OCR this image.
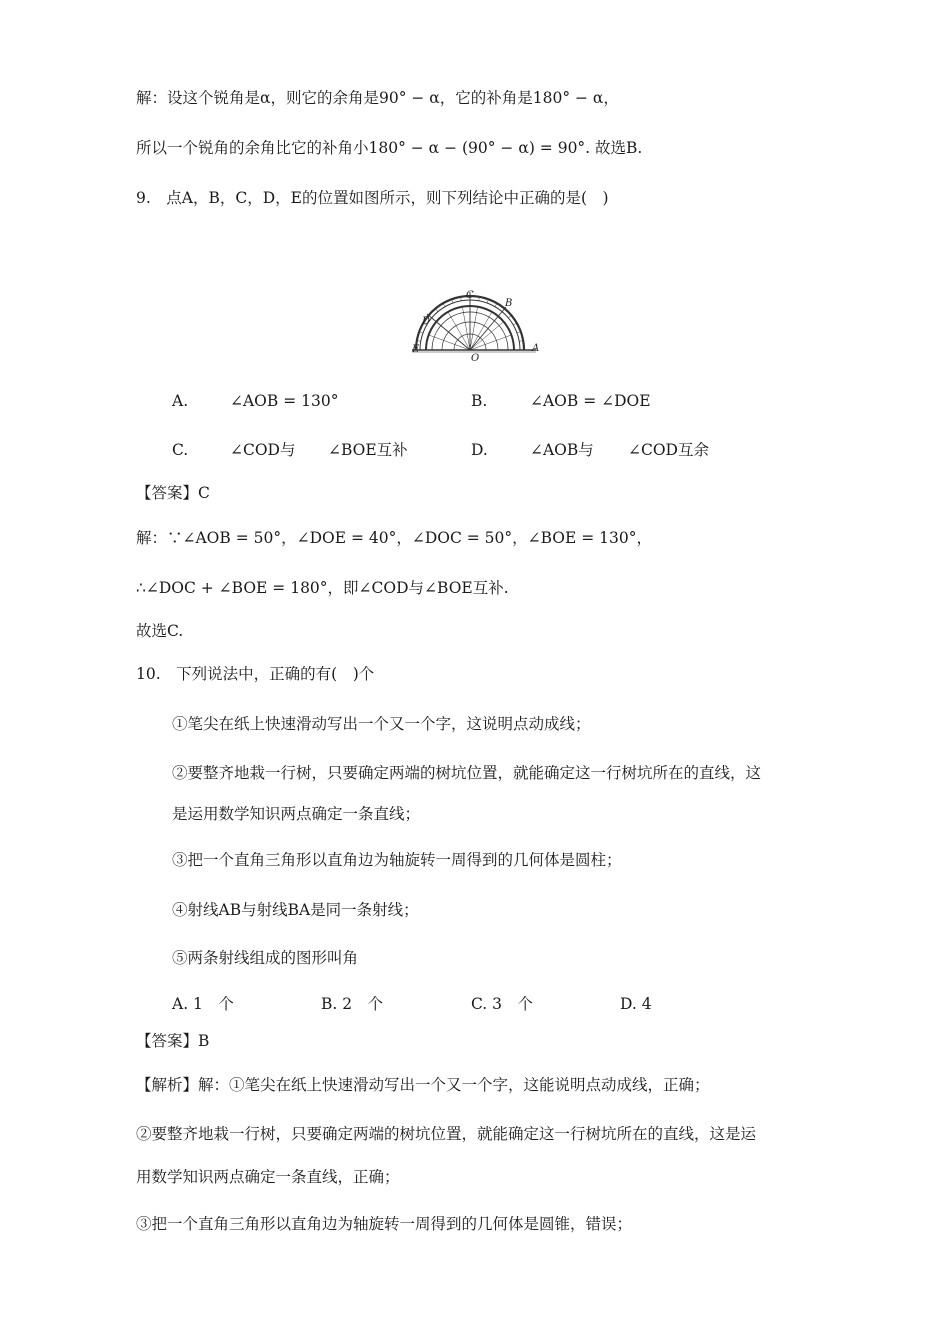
解：设这个锐角是α，则它的余角是90° − α，它的补角是180° − α，
所以一个锐角的余角比它的补角小180° − α − (90° − α) = 90°. 故选B.
9.　点A，B，C，D，E的位置如图所示，则下列结论中正确的是(　)
C
B
D
E	A
O
A.	∠AOB = 130°	B.	∠AOB = ∠DOE
C.	∠COD与 ∠BOE互补	D.	∠AOB与 ∠COD互余
【答案】C
解：∵∠AOB = 50°，∠DOE = 40°，∠DOC = 50°，∠BOE = 130°，
∴∠DOC + ∠BOE = 180°，即∠COD与∠BOE互补.
故选C.
10.　下列说法中，正确的有(　)个
①笔尖在纸上快速滑动写出一个又一个字，这说明点动成线；
②要整齐地栽一行树，只要确定两端的树坑位置，就能确定这一行树坑所在的直线，这
是运用数学知识两点确定一条直线；
③把一个直角三角形以直角边为轴旋转一周得到的几何体是圆柱；
④射线AB与射线BA是同一条射线；
⑤两条射线组成的图形叫角
A. 1　个	B. 2　个	C. 3　个	D. 4
【答案】B
【解析】解：①笔尖在纸上快速滑动写出一个又一个字，这能说明点动成线，正确；
②要整齐地栽一行树，只要确定两端的树坑位置，就能确定这一行树坑所在的直线，这是运
用数学知识两点确定一条直线，正确；
③把一个直角三角形以直角边为轴旋转一周得到的几何体是圆锥，错误；
